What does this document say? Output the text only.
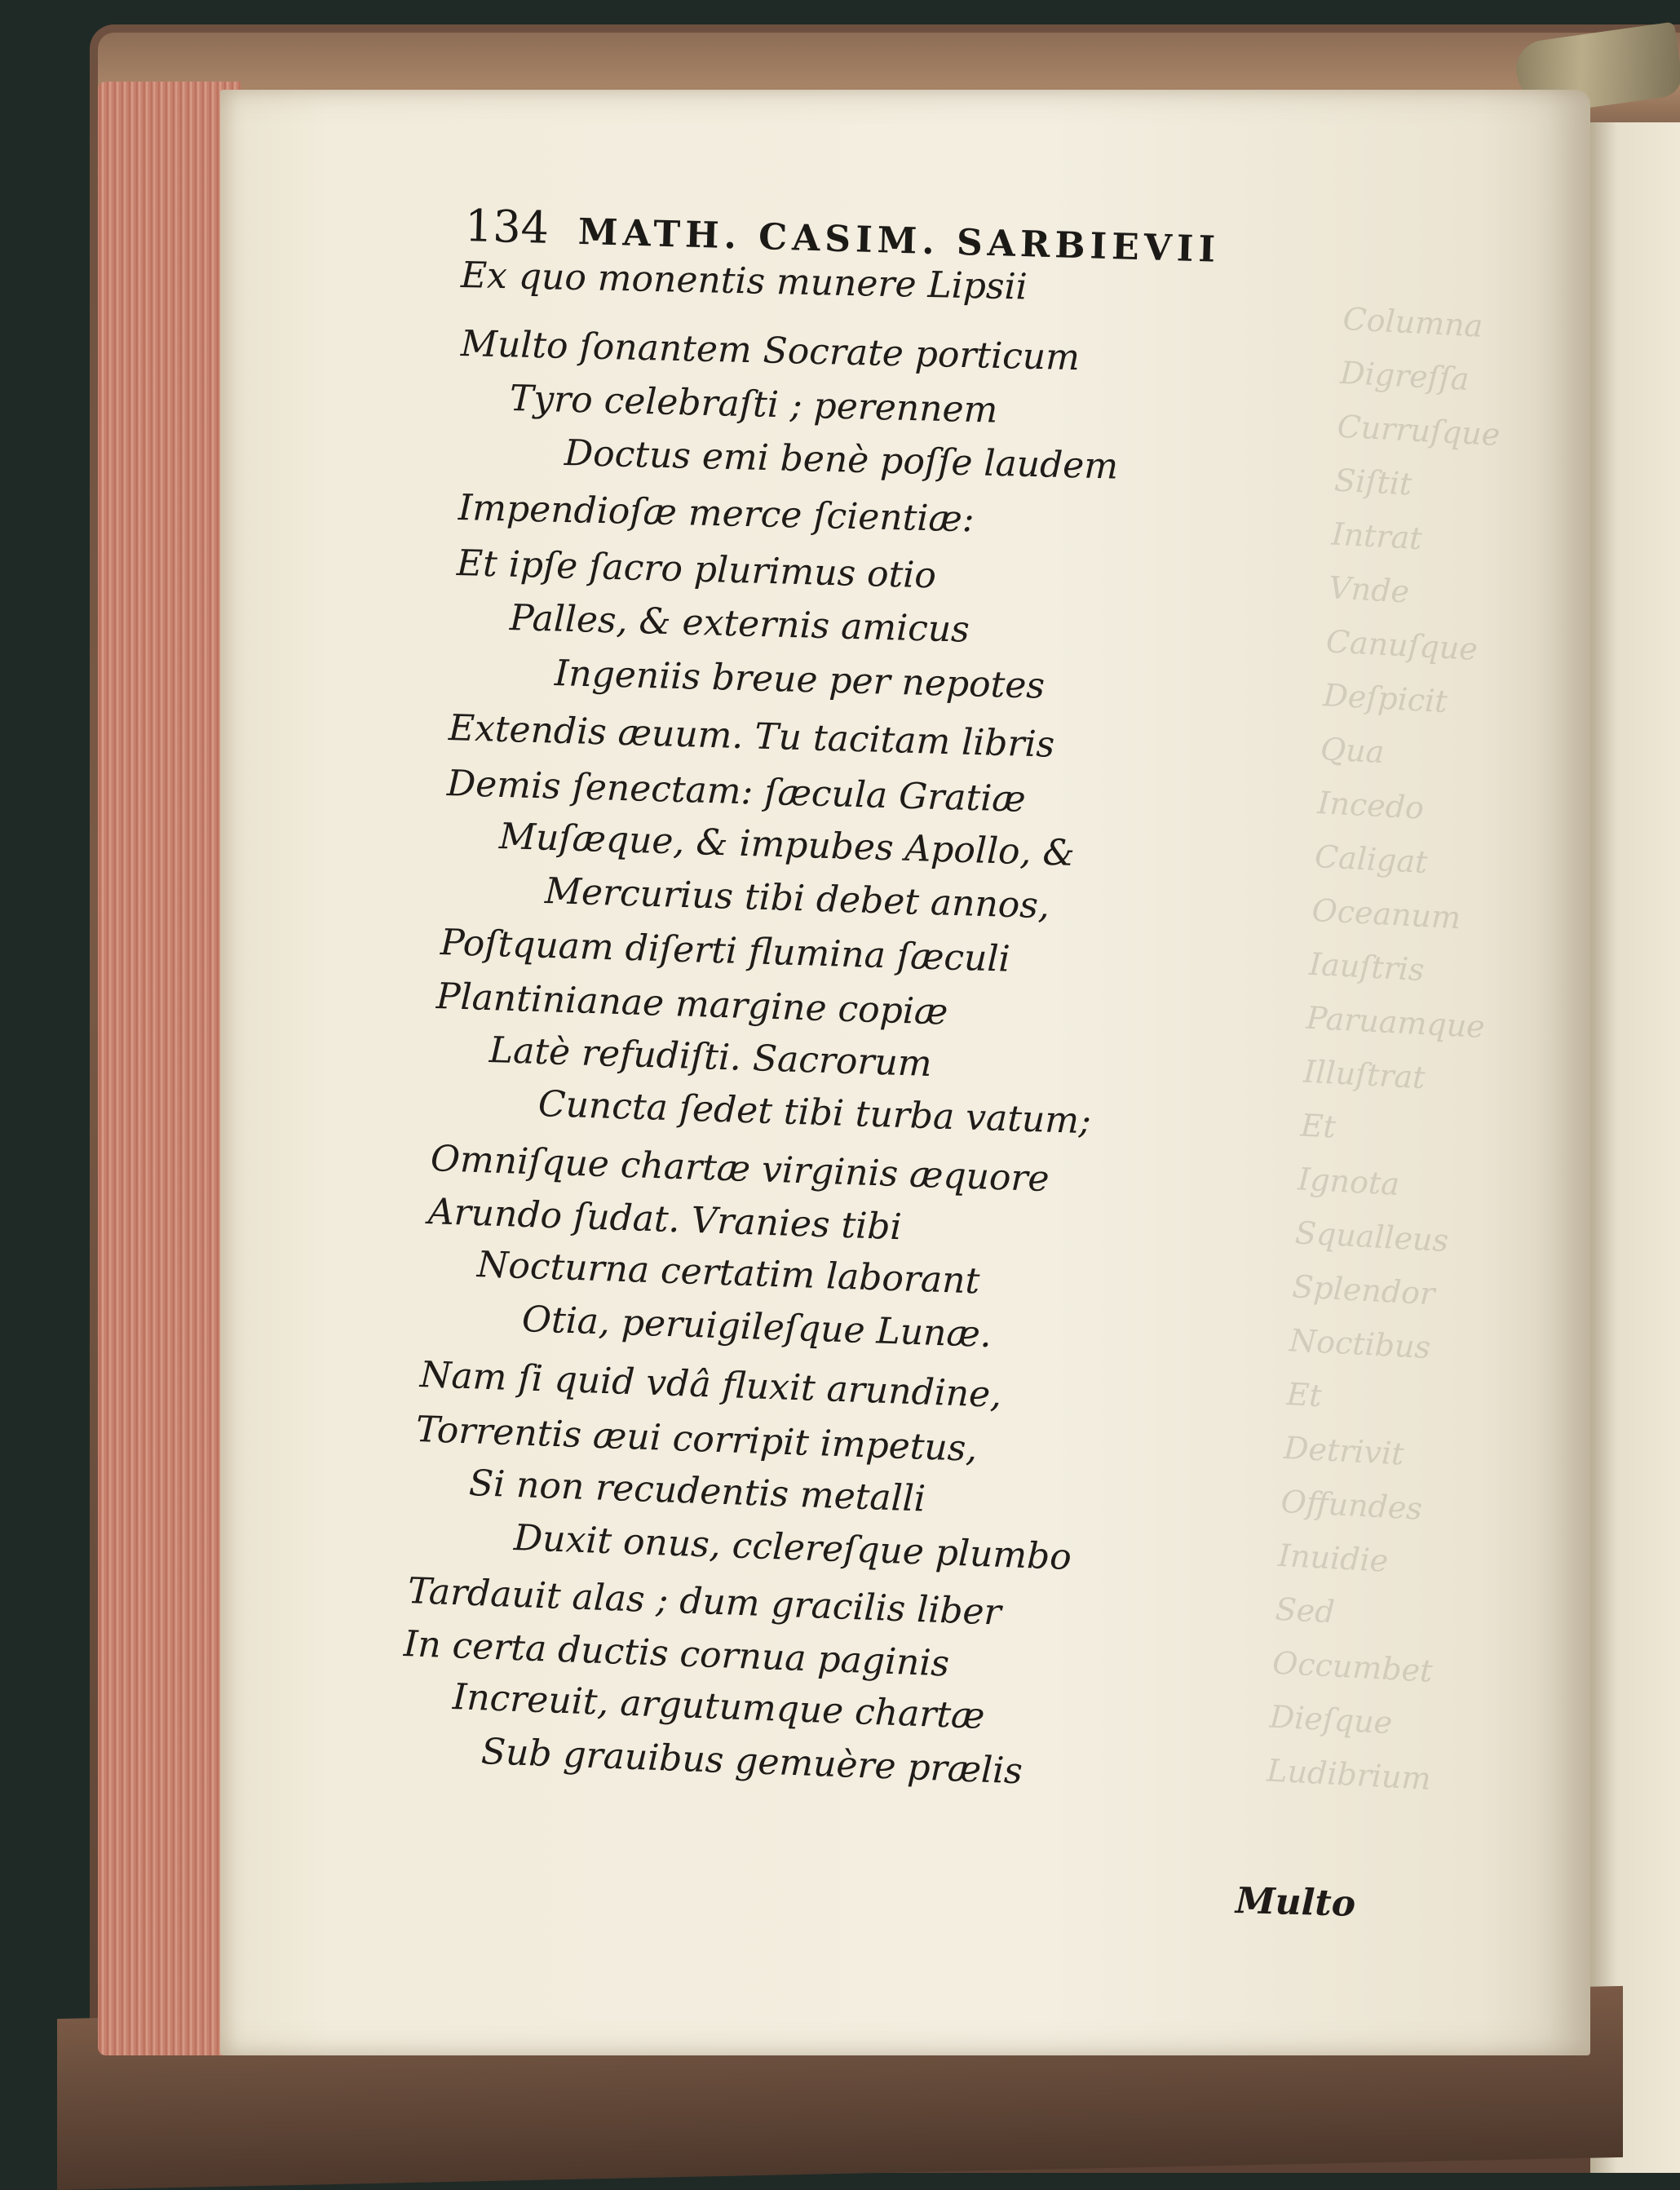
Columna
Digreſſa
Curruſque
Siſtit
Intrat
Vnde
Canuſque
Deſpicit
Qua
Incedo
Caligat
Oceanum
Iauſtris
Paruamque
Illuſtrat
Et
Ignota
Squalleus
Splendor
Noctibus
Et
Detrivit
Offundes
Inuidie
Sed
Occumbet
Dieſque
Ludibrium
134 MATH. CASIM. SARBIEVII
Ex quo monentis munere Lipsii
Multo ſonantem Socrate porticum
Tyro celebraſti ; perennem
Doctus emi benè poſſe laudem
Impendioſæ merce ſcientiæ:
Et ipſe ſacro plurimus otio
Palles, & externis amicus
Ingeniis breue per nepotes
Extendis æuum. Tu tacitam libris
Demis ſenectam: ſæcula Gratiæ
Muſæque, & impubes Apollo, &
Mercurius tibi debet annos,
Poſtquam diſerti flumina ſæculi
Plantinianae margine copiæ
Latè refudiſti. Sacrorum
Cuncta ſedet tibi turba vatum;
Omniſque chartæ virginis æquore
Arundo ſudat. Vranies tibi
Nocturna certatim laborant
Otia, peruigileſque Lunæ.
Nam ſi quid vdâ fluxit arundine,
Torrentis æui corripit impetus,
Si non recudentis metalli
Duxit onus, cclereſque plumbo
Tardauit alas ; dum gracilis liber
In certa ductis cornua paginis
Increuit, argutumque chartæ
Sub grauibus gemuère prælis
Multo
